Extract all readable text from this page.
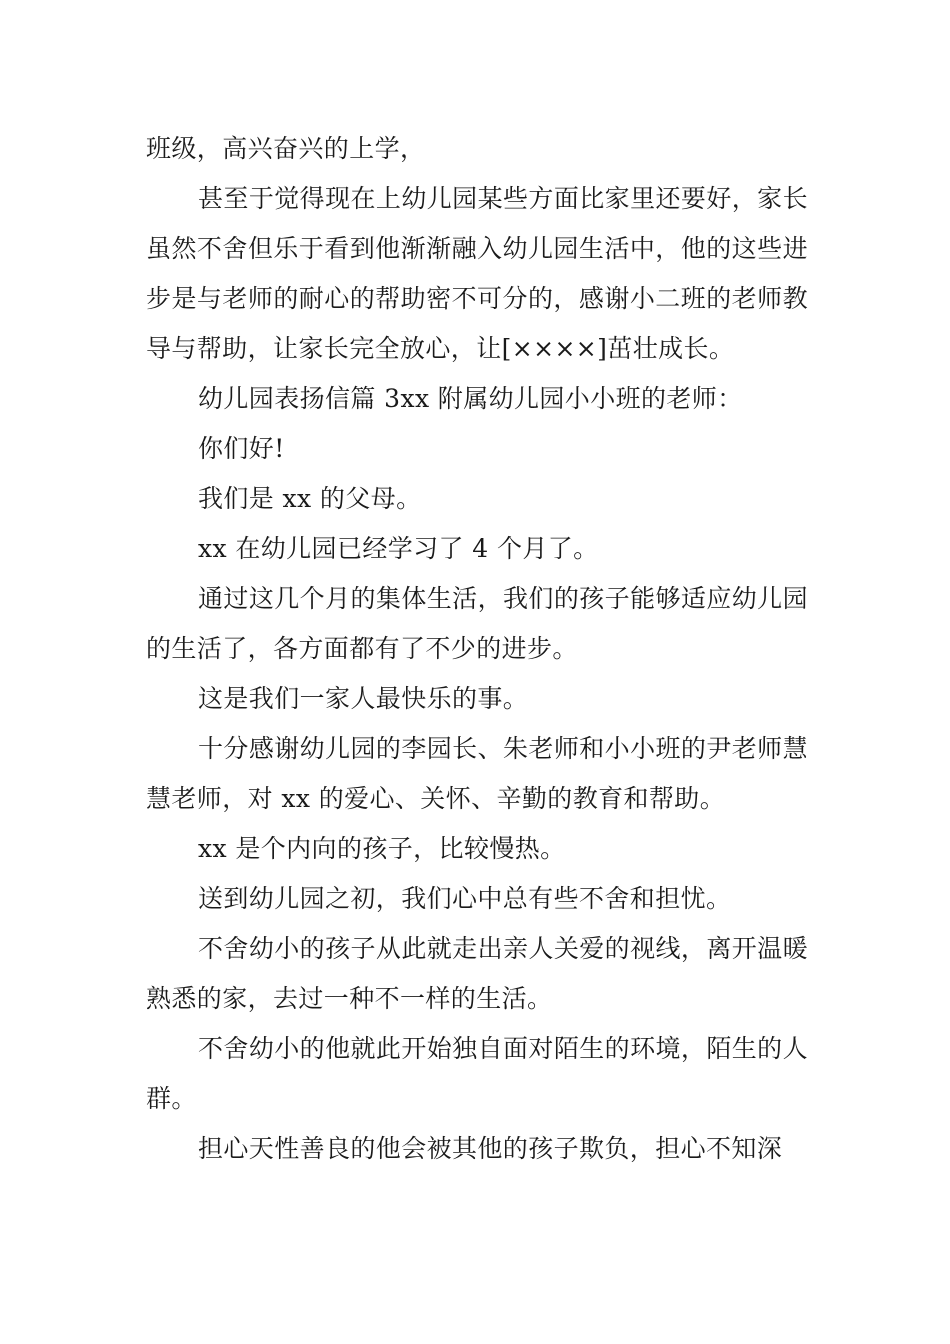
班级，高兴奋兴的上学，

甚至于觉得现在上幼儿园某些方面比家里还要好，家长虽然不舍但乐于看到他渐渐融入幼儿园生活中，他的这些进步是与老师的耐心的帮助密不可分的，感谢小二班的老师教导与帮助，让家长完全放心，让[××××]茁壮成长。

幼儿园表扬信篇 3xx 附属幼儿园小小班的老师：

你们好!

我们是 xx 的父母。

xx 在幼儿园已经学习了 4 个月了。

通过这几个月的集体生活，我们的孩子能够适应幼儿园的生活了，各方面都有了不少的进步。

这是我们一家人最快乐的事。

十分感谢幼儿园的李园长、朱老师和小小班的尹老师慧慧老师，对 xx 的爱心、关怀、辛勤的教育和帮助。

xx 是个内向的孩子，比较慢热。

送到幼儿园之初，我们心中总有些不舍和担忧。

不舍幼小的孩子从此就走出亲人关爱的视线，离开温暖熟悉的家，去过一种不一样的生活。

不舍幼小的他就此开始独自面对陌生的环境，陌生的人群。

担心天性善良的他会被其他的孩子欺负，担心不知深
